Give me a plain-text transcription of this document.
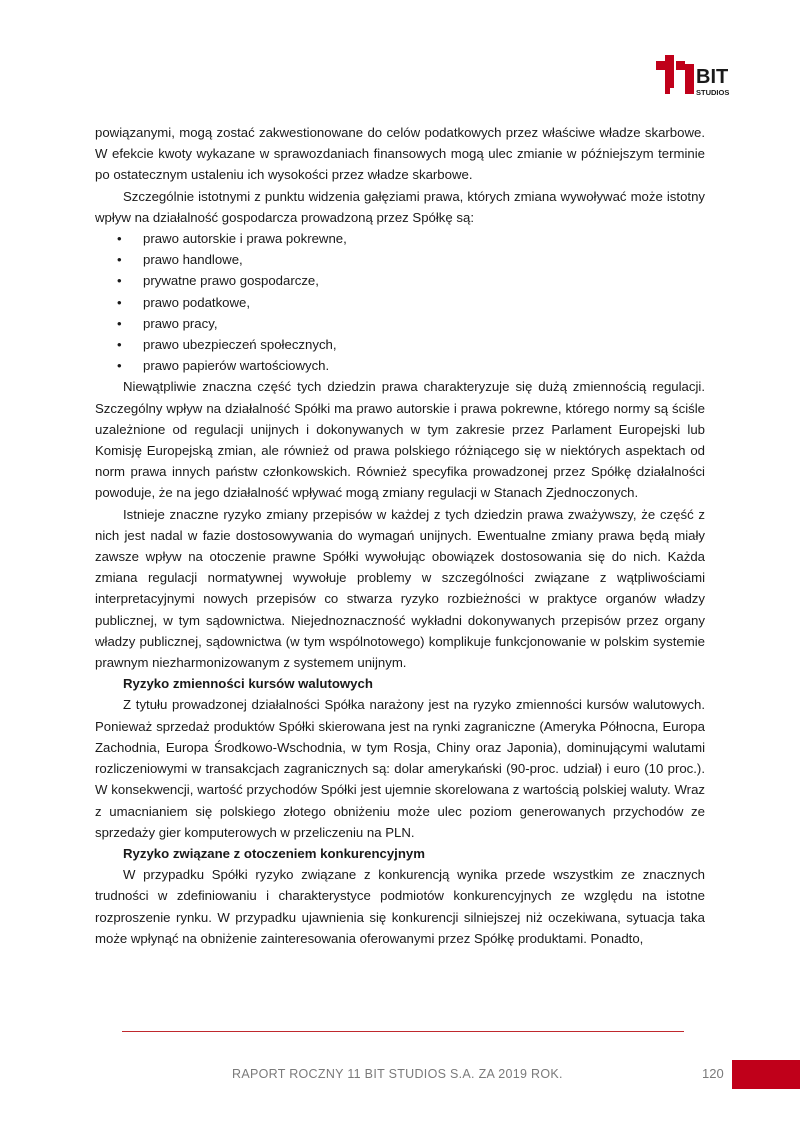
BIT
STUDIOS

powiązanymi, mogą zostać zakwestionowane do celów podatkowych przez właściwe władze skarbowe. W efekcie kwoty wykazane w sprawozdaniach finansowych mogą ulec zmianie w późniejszym terminie po ostatecznym ustaleniu ich wysokości przez władze skarbowe.

Szczególnie istotnymi z punktu widzenia gałęziami prawa, których zmiana wywoływać może istotny wpływ na działalność gospodarcza prowadzoną przez Spółkę są:

• prawo autorskie i prawa pokrewne,
• prawo handlowe,
• prywatne prawo gospodarcze,
• prawo podatkowe,
• prawo pracy,
• prawo ubezpieczeń społecznych,
• prawo papierów wartościowych.

Niewątpliwie znaczna część tych dziedzin prawa charakteryzuje się dużą zmiennością regulacji. Szczególny wpływ na działalność Spółki ma prawo autorskie i prawa pokrewne, którego normy są ściśle uzależnione od regulacji unijnych i dokonywanych w tym zakresie przez Parlament Europejski lub Komisję Europejską zmian, ale również od prawa polskiego różniącego się w niektórych aspektach od norm prawa innych państw członkowskich. Również specyfika prowadzonej przez Spółkę działalności powoduje, że na jego działalność wpływać mogą zmiany regulacji w Stanach Zjednoczonych.

Istnieje znaczne ryzyko zmiany przepisów w każdej z tych dziedzin prawa zważywszy, że część z nich jest nadal w fazie dostosowywania do wymagań unijnych. Ewentualne zmiany prawa będą miały zawsze wpływ na otoczenie prawne Spółki wywołując obowiązek dostosowania się do nich. Każda zmiana regulacji normatywnej wywołuje problemy w szczególności związane z wątpliwościami interpretacyjnymi nowych przepisów co stwarza ryzyko rozbieżności w praktyce organów władzy publicznej, w tym sądownictwa. Niejednoznaczność wykładni dokonywanych przepisów przez organy władzy publicznej, sądownictwa (w tym wspólnotowego) komplikuje funkcjonowanie w polskim systemie prawnym niezharmonizowanym z systemem unijnym.

Ryzyko zmienności kursów walutowych

Z tytułu prowadzonej działalności Spółka narażony jest na ryzyko zmienności kursów walutowych. Ponieważ sprzedaż produktów Spółki skierowana jest na rynki zagraniczne (Ameryka Północna, Europa Zachodnia, Europa Środkowo-Wschodnia, w tym Rosja, Chiny oraz Japonia), dominującymi walutami rozliczeniowymi w transakcjach zagranicznych są: dolar amerykański (90-proc. udział) i euro (10 proc.). W konsekwencji, wartość przychodów Spółki jest ujemnie skorelowana z wartością polskiej waluty. Wraz z umacnianiem się polskiego złotego obniżeniu może ulec poziom generowanych przychodów ze sprzedaży gier komputerowych w przeliczeniu na PLN.

Ryzyko związane z otoczeniem konkurencyjnym

W przypadku Spółki ryzyko związane z konkurencją wynika przede wszystkim ze znacznych trudności w zdefiniowaniu i charakterystyce podmiotów konkurencyjnych ze względu na istotne rozproszenie rynku. W przypadku ujawnienia się konkurencji silniejszej niż oczekiwana, sytuacja taka może wpłynąć na obniżenie zainteresowania oferowanymi przez Spółkę produktami. Ponadto,

RAPORT ROCZNY 11 BIT STUDIOS S.A. ZA 2019 ROK.	120
